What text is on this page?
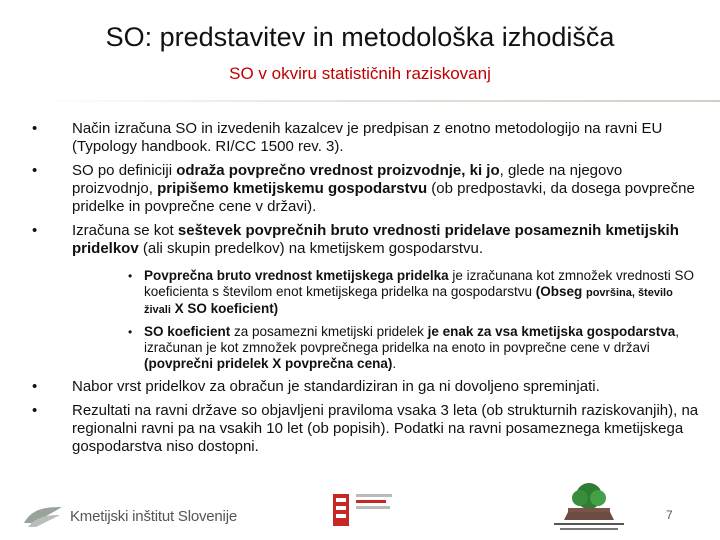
SO: predstavitev in metodološka izhodišča
SO v okviru statističnih raziskovanj
• Način izračuna SO in izvedenih kazalcev je predpisan z enotno metodologijo na ravni EU (Typology handbook. RI/CC 1500 rev. 3).
• SO po definiciji odraža povprečno vrednost proizvodnje, ki jo, glede na njegovo proizvodnjo, pripišemo kmetijskemu gospodarstvu (ob predpostavki, da dosega povprečne pridelke in povprečne cene v državi).
• Izračuna se kot seštevek povprečnih bruto vrednosti pridelave posameznih kmetijskih pridelkov (ali skupin predelkov) na kmetijskem gospodarstvu.
• Povprečna bruto vrednost kmetijskega pridelka je izračunana kot zmnožek vrednosti SO koeficienta s številom enot kmetijskega pridelka na gospodarstvu (Obseg površina, število živali X SO koeficient)
• SO koeficient za posamezni kmetijski pridelek je enak za vsa kmetijska gospodarstva, izračunan je kot zmnožek povprečnega pridelka na enoto in povprečne cene v državi (povprečni pridelek X povprečna cena).
• Nabor vrst pridelkov za obračun je standardiziran in ga ni dovoljeno spreminjati.
• Rezultati na ravni države so objavljeni praviloma vsaka 3 leta (ob strukturnih raziskovanjih), na regionalni ravni pa na vsakih 10 let (ob popisih). Podatki na ravni posameznega kmetijskega gospodarstva niso dostopni.
Kmetijski inštitut Slovenije	7
